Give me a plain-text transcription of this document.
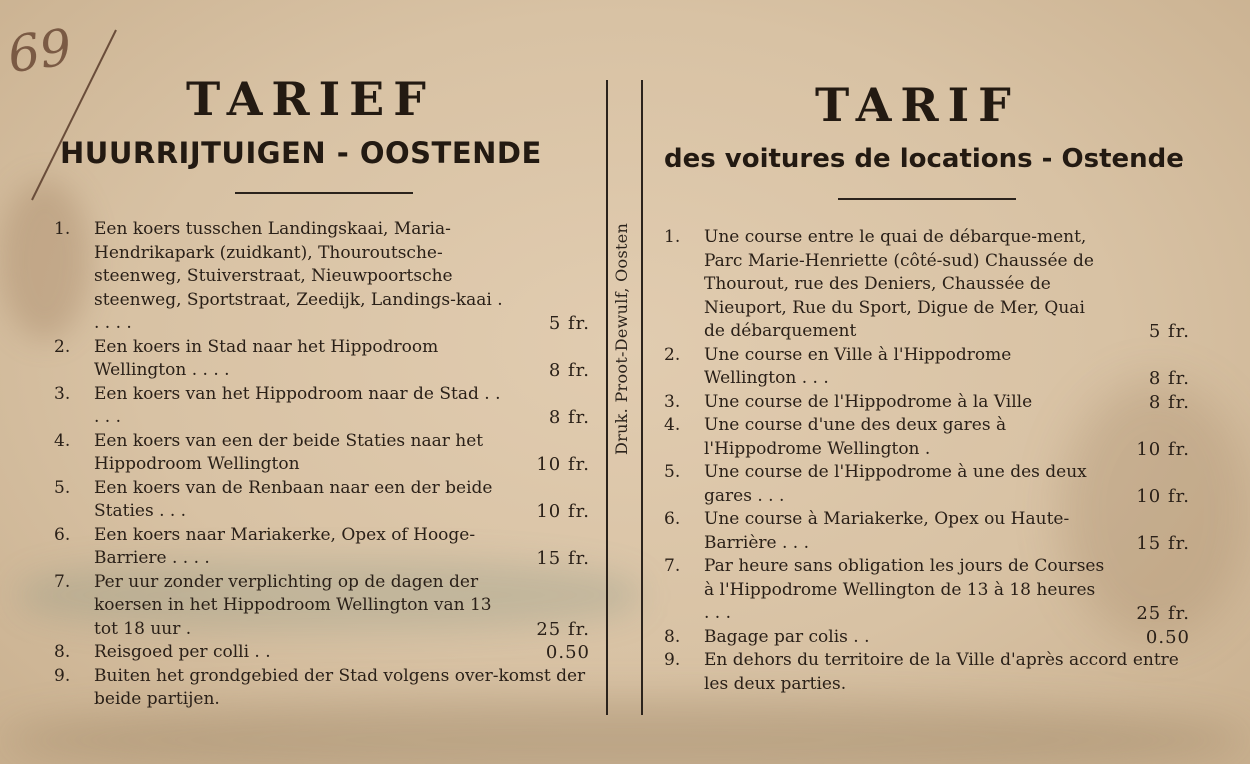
69
TARIEF
HUURRIJTUIGEN - OOSTENDE
TARIF
des voitures de locations - Ostende
Druk. Proot-Dewulf, Oosten
1.	Een koers tusschen Landingskaai, Maria-Hendrikapark (zuidkant), Thouroutsche-steenweg, Stuiverstraat, Nieuwpoortsche steenweg, Sportstraat, Zeedijk, Landings-kaai . . . . .	5 fr.
2.	Een koers in Stad naar het Hippodroom Wellington . . . .	8 fr.
3.	Een koers van het Hippodroom naar de Stad . . . . .	8 fr.
4.	Een koers van een der beide Staties naar het Hippodroom Wellington	10 fr.
5.	Een koers van de Renbaan naar een der beide Staties . . .	10 fr.
6.	Een koers naar Mariakerke, Opex of Hooge-Barriere . . . .	15 fr.
7.	Per uur zonder verplichting op de dagen der koersen in het Hippodroom Wellington van 13 tot 18 uur .	25 fr.
8.	Reisgoed per colli . .	0.50
9.	Buiten het grondgebied der Stad volgens over-komst der beide partijen.
1.	Une course entre le quai de débarque-ment, Parc Marie-Henriette (côté-sud) Chaussée de Thourout, rue des Deniers, Chaussée de Nieuport, Rue du Sport, Digue de Mer, Quai de débarquement	5 fr.
2.	Une course en Ville à l'Hippodrome Wellington . . .	8 fr.
3.	Une course de l'Hippodrome à la Ville	8 fr.
4.	Une course d'une des deux gares à l'Hippodrome Wellington .	10 fr.
5.	Une course de l'Hippodrome à une des deux gares . . .	10 fr.
6.	Une course à Mariakerke, Opex ou Haute-Barrière . . .	15 fr.
7.	Par heure sans obligation les jours de Courses à l'Hippodrome Wellington de 13 à 18 heures . . .	25 fr.
8.	Bagage par colis . .	0.50
9.	En dehors du territoire de la Ville d'après accord entre les deux parties.
